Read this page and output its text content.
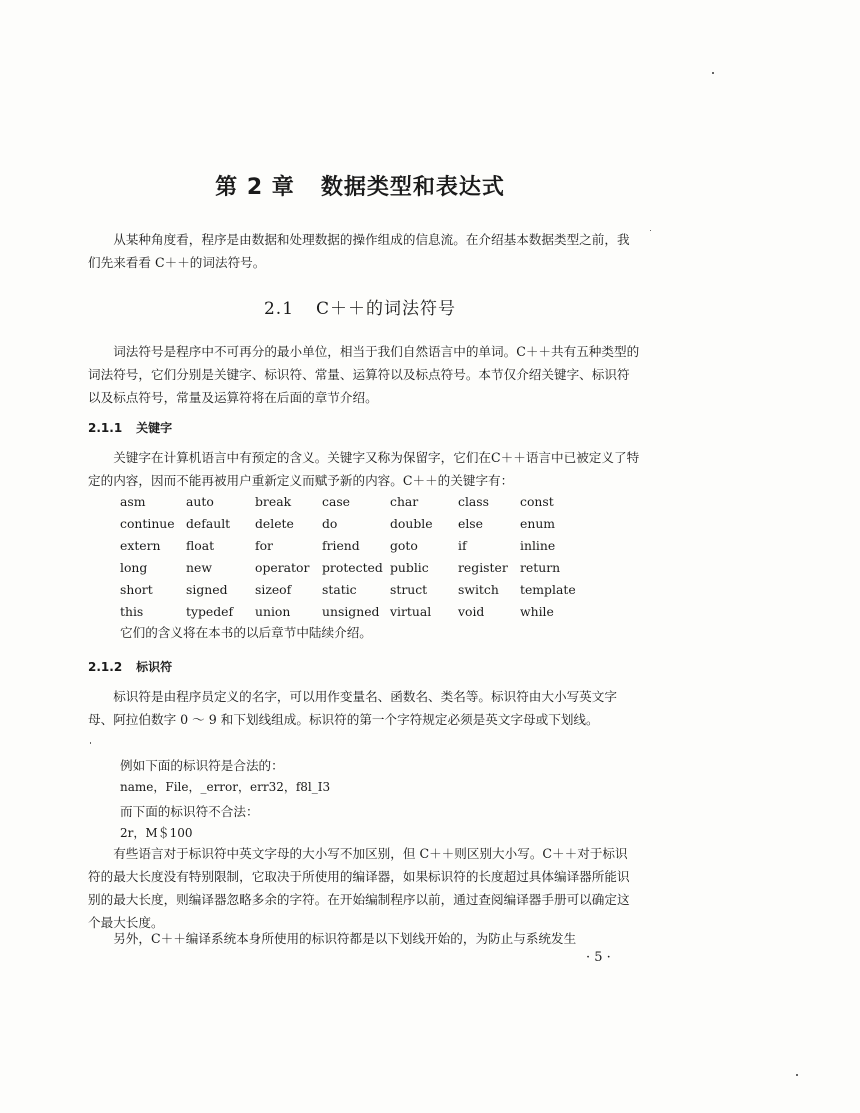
第 2 章 数据类型和表达式
从某种角度看，程序是由数据和处理数据的操作组成的信息流。在介绍基本数据类型之前，我们先来看看 C＋＋的词法符号。
2.1 C＋＋的词法符号
词法符号是程序中不可再分的最小单位，相当于我们自然语言中的单词。C＋＋共有五种类型的词法符号，它们分别是关键字、标识符、常量、运算符以及标点符号。本节仅介绍关键字、标识符以及标点符号，常量及运算符将在后面的章节介绍。
2.1.1 关键字
关键字在计算机语言中有预定的含义。关键字又称为保留字，它们在C＋＋语言中已被定义了特定的内容，因而不能再被用户重新定义而赋予新的内容。C＋＋的关键字有：
asm	auto	break	case	char	class	const
continue	default	delete	do	double	else	enum
extern	float	for	friend	goto	if	inline
long	new	operator	protected	public	register	return
short	signed	sizeof	static	struct	switch	template
this	typedef	union	unsigned	virtual	void	while
它们的含义将在本书的以后章节中陆续介绍。
2.1.2 标识符
标识符是由程序员定义的名字，可以用作变量名、函数名、类名等。标识符由大小写英文字母、阿拉伯数字 0 ～ 9 和下划线组成。标识符的第一个字符规定必须是英文字母或下划线。
例如下面的标识符是合法的：
name，File，_error，err32，f8l_I3
而下面的标识符不合法：
2r，M＄100
有些语言对于标识符中英文字母的大小写不加区别，但 C＋＋则区别大小写。C＋＋对于标识符的最大长度没有特别限制，它取决于所使用的编译器，如果标识符的长度超过具体编译器所能识别的最大长度，则编译器忽略多余的字符。在开始编制程序以前，通过查阅编译器手册可以确定这个最大长度。
另外，C＋＋编译系统本身所使用的标识符都是以下划线开始的，为防止与系统发生
· 5 ·
